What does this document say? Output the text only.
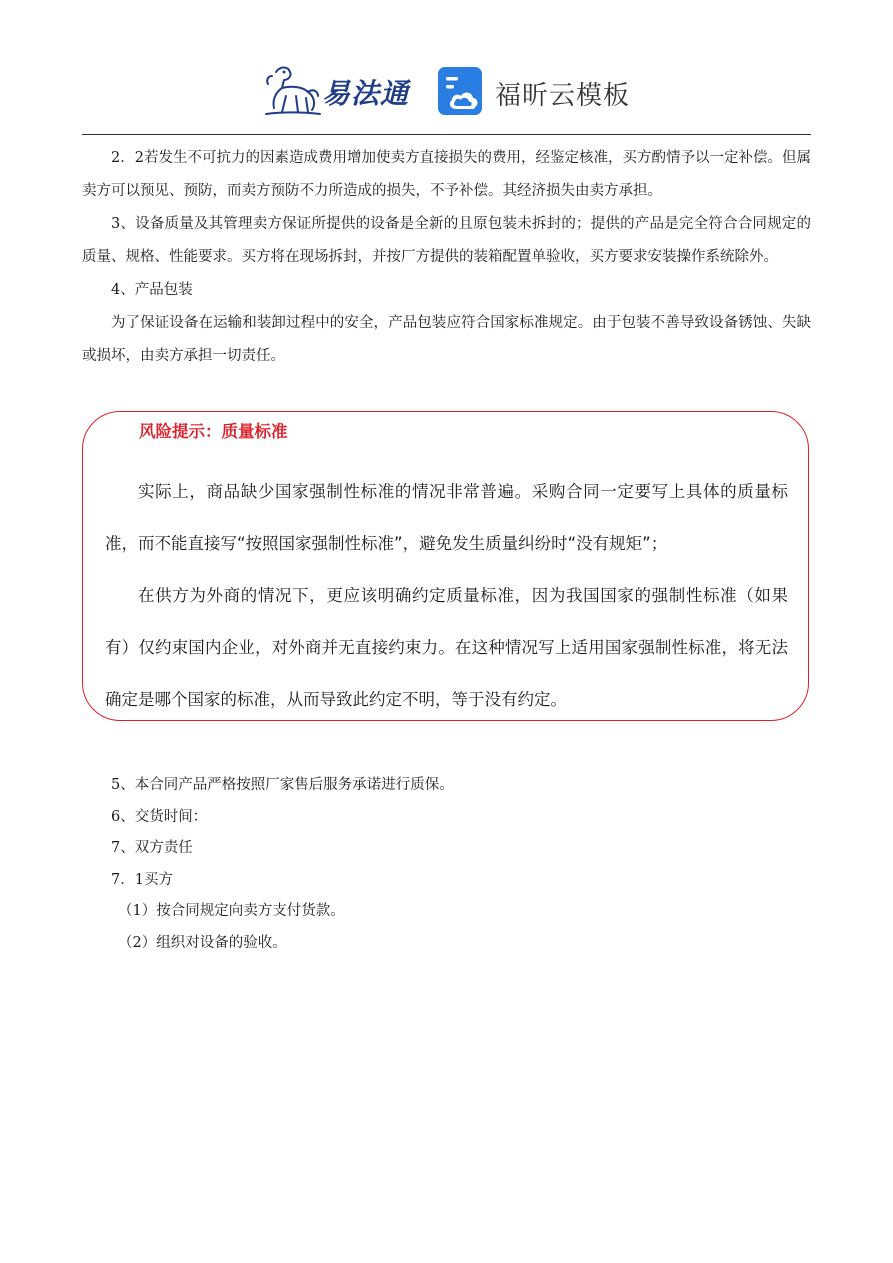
易法通	福昕云模板

2．2若发生不可抗力的因素造成费用增加使卖方直接损失的费用，经鉴定核准，买方酌情予以一定补偿。但属卖方可以预见、预防，而卖方预防不力所造成的损失，不予补偿。其经济损失由卖方承担。

3、设备质量及其管理卖方保证所提供的设备是全新的且原包装未拆封的；提供的产品是完全符合合同规定的质量、规格、性能要求。买方将在现场拆封，并按厂方提供的装箱配置单验收，买方要求安装操作系统除外。

4、产品包装

为了保证设备在运输和装卸过程中的安全，产品包装应符合国家标准规定。由于包装不善导致设备锈蚀、失缺或损坏，由卖方承担一切责任。

风险提示：质量标准

实际上，商品缺少国家强制性标准的情况非常普遍。采购合同一定要写上具体的质量标准，而不能直接写“按照国家强制性标准”，避免发生质量纠纷时“没有规矩”；

在供方为外商的情况下，更应该明确约定质量标准，因为我国国家的强制性标准（如果有）仅约束国内企业，对外商并无直接约束力。在这种情况写上适用国家强制性标准，将无法确定是哪个国家的标准，从而导致此约定不明，等于没有约定。

5、本合同产品严格按照厂家售后服务承诺进行质保。

6、交货时间：

7、双方责任

7．1买方

（1）按合同规定向卖方支付货款。

（2）组织对设备的验收。
